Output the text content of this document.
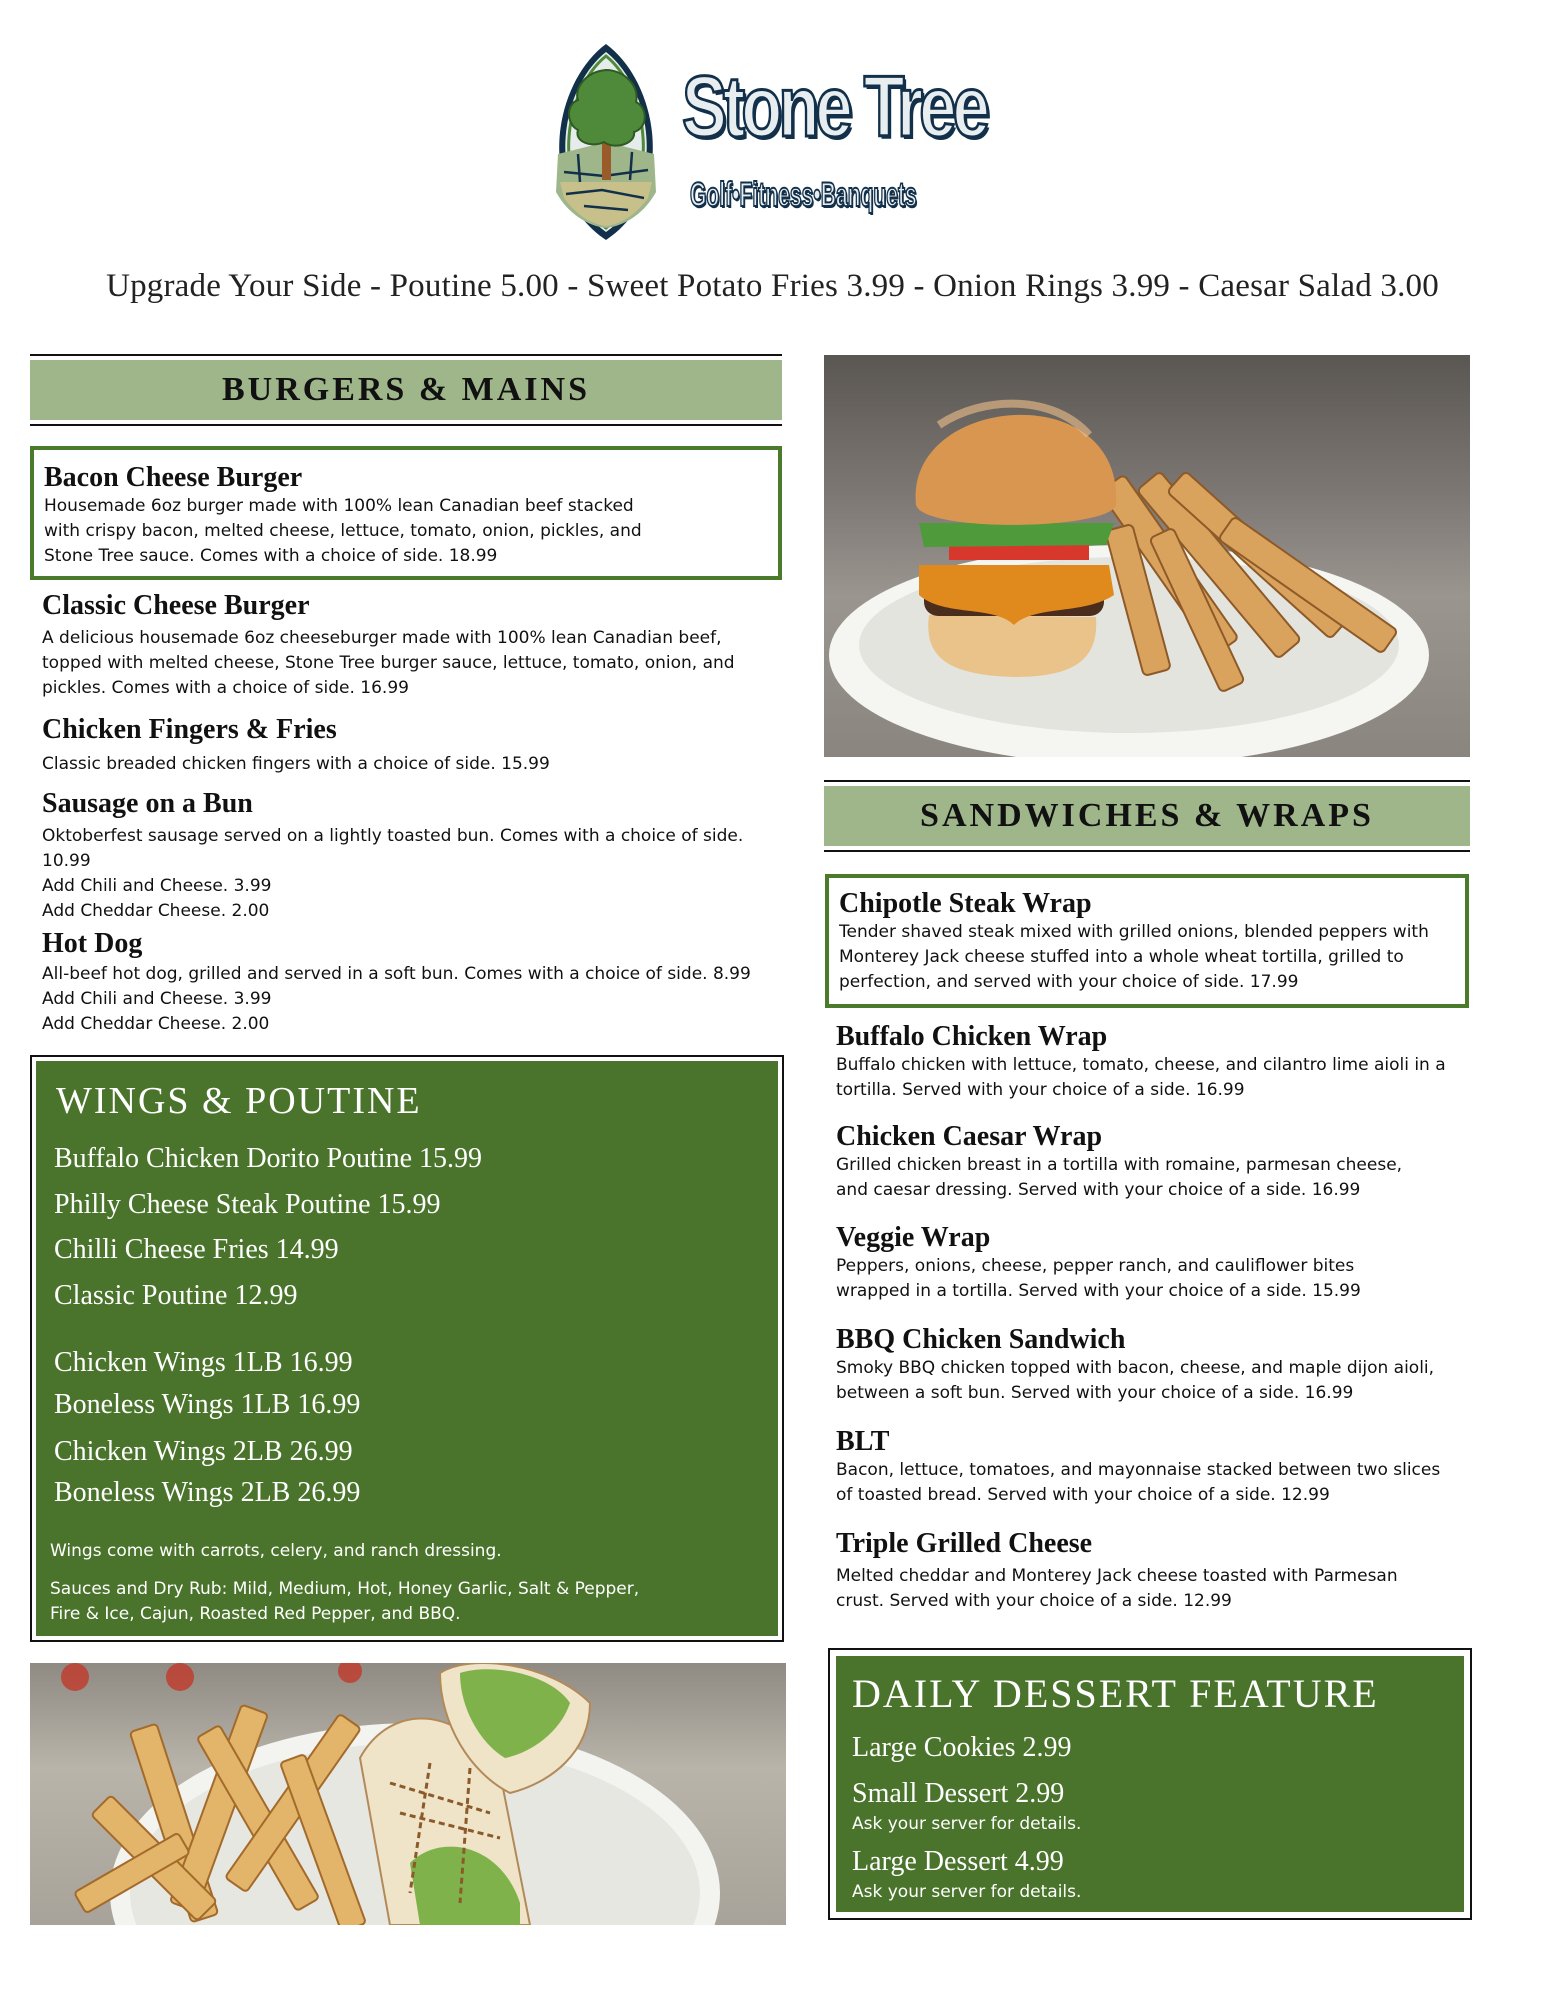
Stone Tree
Golf•Fitness•Banquets
Upgrade Your Side - Poutine 5.00 - Sweet Potato Fries 3.99 - Onion Rings 3.99 - Caesar Salad 3.00
BURGERS & MAINS
Bacon Cheese Burger
Housemade 6oz burger made with 100% lean Canadian beef stacked
with crispy bacon, melted cheese, lettuce, tomato, onion, pickles, and
Stone Tree sauce. Comes with a choice of side. 18.99
Classic Cheese Burger
A delicious housemade 6oz cheeseburger made with 100% lean Canadian beef,
topped with melted cheese, Stone Tree burger sauce, lettuce, tomato, onion, and
pickles. Comes with a choice of side. 16.99
Chicken Fingers & Fries
Classic breaded chicken fingers with a choice of side. 15.99
Sausage on a Bun
Oktoberfest sausage served on a lightly toasted bun. Comes with a choice of side.
10.99
Add Chili and Cheese. 3.99
Add Cheddar Cheese. 2.00
Hot Dog
All-beef hot dog, grilled and served in a soft bun. Comes with a choice of side. 8.99
Add Chili and Cheese. 3.99
Add Cheddar Cheese. 2.00
WINGS & POUTINE
Buffalo Chicken Dorito Poutine 15.99
Philly Cheese Steak Poutine 15.99
Chilli Cheese Fries 14.99
Classic Poutine 12.99
Chicken Wings 1LB 16.99
Boneless Wings 1LB 16.99
Chicken Wings 2LB 26.99
Boneless Wings 2LB 26.99
Wings come with carrots, celery, and ranch dressing.
Sauces and Dry Rub: Mild, Medium, Hot, Honey Garlic, Salt & Pepper,
Fire & Ice, Cajun, Roasted Red Pepper, and BBQ.
SANDWICHES & WRAPS
Chipotle Steak Wrap
Tender shaved steak mixed with grilled onions, blended peppers with
Monterey Jack cheese stuffed into a whole wheat tortilla, grilled to
perfection, and served with your choice of side. 17.99
Buffalo Chicken Wrap
Buffalo chicken with lettuce, tomato, cheese, and cilantro lime aioli in a
tortilla. Served with your choice of a side. 16.99
Chicken Caesar Wrap
Grilled chicken breast in a tortilla with romaine, parmesan cheese,
and caesar dressing. Served with your choice of a side. 16.99
Veggie Wrap
Peppers, onions, cheese, pepper ranch, and cauliflower bites
wrapped in a tortilla. Served with your choice of a side. 15.99
BBQ Chicken Sandwich
Smoky BBQ chicken topped with bacon, cheese, and maple dijon aioli,
between a soft bun. Served with your choice of a side. 16.99
BLT
Bacon, lettuce, tomatoes, and mayonnaise stacked between two slices
of toasted bread. Served with your choice of a side. 12.99
Triple Grilled Cheese
Melted cheddar and Monterey Jack cheese toasted with Parmesan
crust. Served with your choice of a side. 12.99
DAILY DESSERT FEATURE
Large Cookies 2.99
Small Dessert 2.99
Ask your server for details.
Large Dessert 4.99
Ask your server for details.
